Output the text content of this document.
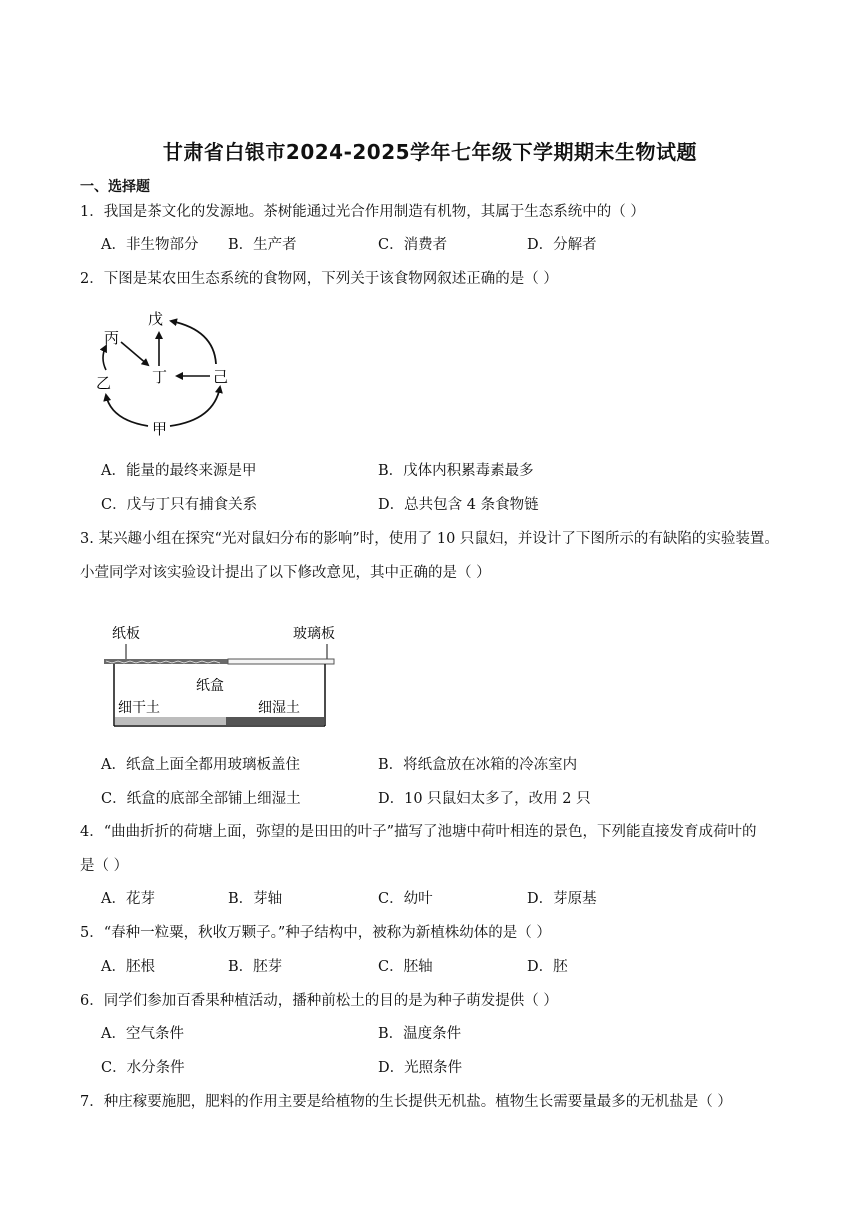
甘肃省白银市2024-2025学年七年级下学期期末生物试题
一、选择题
1．我国是茶文化的发源地。茶树能通过光合作用制造有机物，其属于生态系统中的（ ）
A．非生物部分 B．生产者	C．消费者	D．分解者
2．下图是某农田生态系统的食物网，下列关于该食物网叙述正确的是（ ）
戊
丙
丁	己
乙
甲
A．能量的最终来源是甲	B．戊体内积累毒素最多
C．戊与丁只有捕食关系	D．总共包含 4 条食物链
3. 某兴趣小组在探究“光对鼠妇分布的影响”时，使用了 10 只鼠妇，并设计了下图所示的有缺陷的实验装置。
小萱同学对该实验设计提出了以下修改意见，其中正确的是（ ）
纸板	玻璃板
纸盒
细干土	细湿土
A．纸盒上面全都用玻璃板盖住	B．将纸盒放在冰箱的冷冻室内
C．纸盒的底部全部铺上细湿土	D．10 只鼠妇太多了，改用 2 只
4．“曲曲折折的荷塘上面，弥望的是田田的叶子”描写了池塘中荷叶相连的景色，下列能直接发育成荷叶的
是（ ）
A．花芽	B．芽轴	C．幼叶	D．芽原基
5．“春种一粒粟，秋收万颗子。”种子结构中，被称为新植株幼体的是（ ）
A．胚根	B．胚芽	C．胚轴	D．胚
6．同学们参加百香果种植活动，播种前松土的目的是为种子萌发提供（ ）
A．空气条件	B．温度条件
C．水分条件	D．光照条件
7．种庄稼要施肥，肥料的作用主要是给植物的生长提供无机盐。植物生长需要量最多的无机盐是（ ）
